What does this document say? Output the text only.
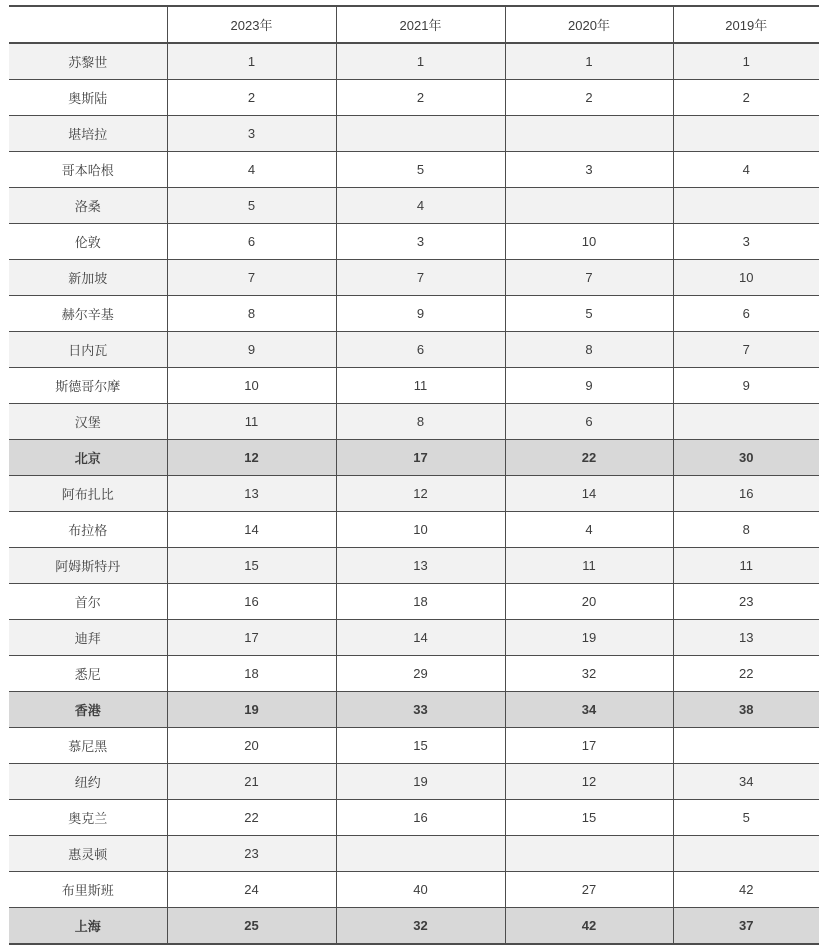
	2023年	2021年	2020年	2019年
苏黎世	1	1	1	1
奥斯陆	2	2	2	2
堪培拉	3			
哥本哈根	4	5	3	4
洛桑	5	4		
伦敦	6	3	10	3
新加坡	7	7	7	10
赫尔辛基	8	9	5	6
日内瓦	9	6	8	7
斯德哥尔摩	10	11	9	9
汉堡	11	8	6	
北京	12	17	22	30
阿布扎比	13	12	14	16
布拉格	14	10	4	8
阿姆斯特丹	15	13	11	11
首尔	16	18	20	23
迪拜	17	14	19	13
悉尼	18	29	32	22
香港	19	33	34	38
慕尼黑	20	15	17	
纽约	21	19	12	34
奥克兰	22	16	15	5
惠灵顿	23			
布里斯班	24	40	27	42
上海	25	32	42	37
